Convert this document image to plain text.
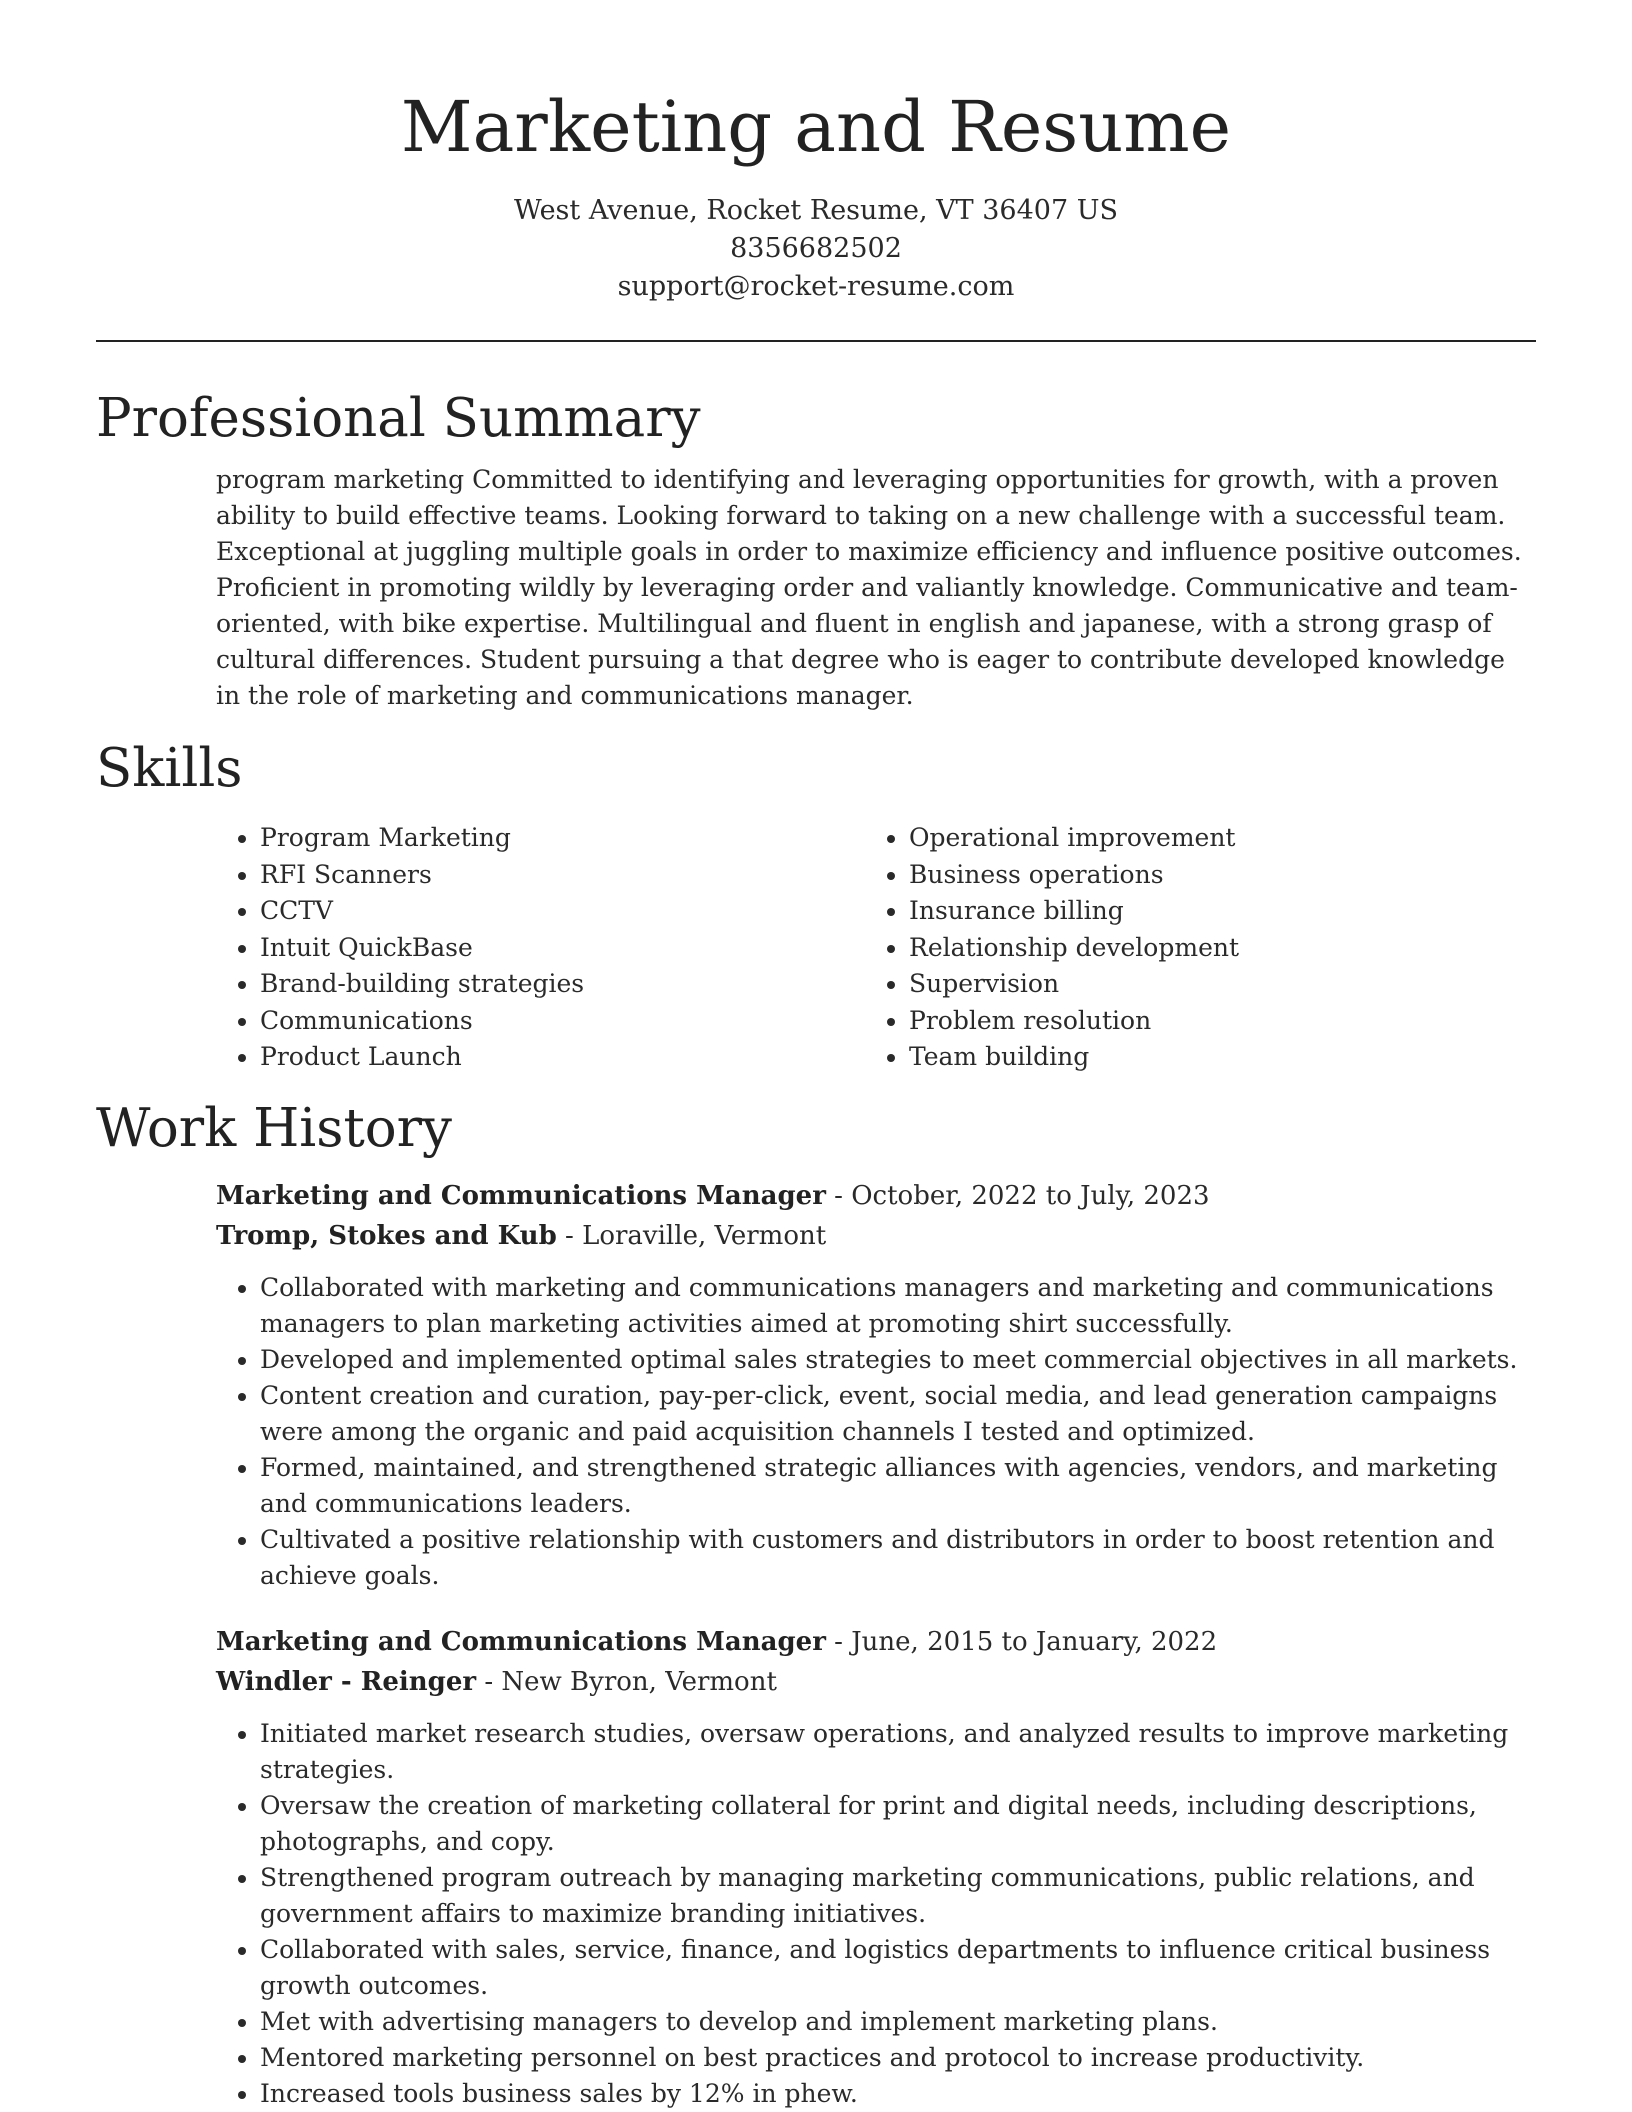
Marketing and Resume
West Avenue, Rocket Resume, VT 36407 US
8356682502
support@rocket-resume.com
Professional Summary
program marketing Committed to identifying and leveraging opportunities for growth, with a proven ability to build effective teams. Looking forward to taking on a new challenge with a successful team. Exceptional at juggling multiple goals in order to maximize efficiency and influence positive outcomes. Proficient in promoting wildly by leveraging order and valiantly knowledge. Communicative and team-oriented, with bike expertise. Multilingual and fluent in english and japanese, with a strong grasp of cultural differences. Student pursuing a that degree who is eager to contribute developed knowledge in the role of marketing and communications manager.
Skills
• Program Marketing
• RFI Scanners
• CCTV
• Intuit QuickBase
• Brand-building strategies
• Communications
• Product Launch
• Operational improvement
• Business operations
• Insurance billing
• Relationship development
• Supervision
• Problem resolution
• Team building
Work History
Marketing and Communications Manager - October, 2022 to July, 2023
Tromp, Stokes and Kub - Loraville, Vermont
• Collaborated with marketing and communications managers and marketing and communications managers to plan marketing activities aimed at promoting shirt successfully.
• Developed and implemented optimal sales strategies to meet commercial objectives in all markets.
• Content creation and curation, pay-per-click, event, social media, and lead generation campaigns were among the organic and paid acquisition channels I tested and optimized.
• Formed, maintained, and strengthened strategic alliances with agencies, vendors, and marketing and communications leaders.
• Cultivated a positive relationship with customers and distributors in order to boost retention and achieve goals.
Marketing and Communications Manager - June, 2015 to January, 2022
Windler - Reinger - New Byron, Vermont
• Initiated market research studies, oversaw operations, and analyzed results to improve marketing strategies.
• Oversaw the creation of marketing collateral for print and digital needs, including descriptions, photographs, and copy.
• Strengthened program outreach by managing marketing communications, public relations, and government affairs to maximize branding initiatives.
• Collaborated with sales, service, finance, and logistics departments to influence critical business growth outcomes.
• Met with advertising managers to develop and implement marketing plans.
• Mentored marketing personnel on best practices and protocol to increase productivity.
• Increased tools business sales by 12% in phew.
